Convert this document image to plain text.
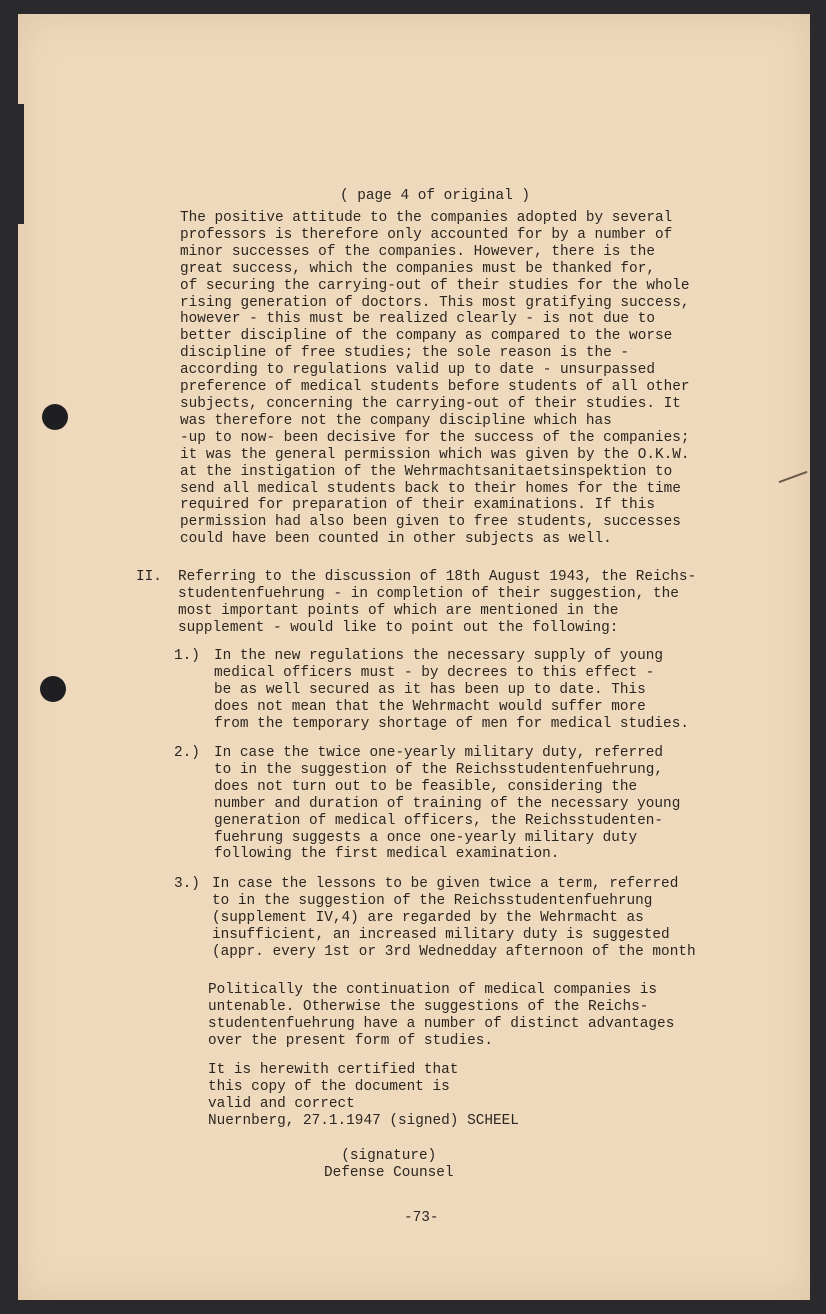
( page 4 of original )
The positive attitude to the companies adopted by several
professors is therefore only accounted for by a number of
minor successes of the companies. However, there is the
great success, which the companies must be thanked for,
of securing the carrying-out of their studies for the whole
rising generation of doctors. This most gratifying success,
however - this must be realized clearly - is not due to
better discipline of the company as compared to the worse
discipline of free studies; the sole reason is the -
according to regulations valid up to date - unsurpassed
preference of medical students before students of all other
subjects, concerning the carrying-out of their studies. It
was therefore not the company discipline which has
-up to now- been decisive for the success of the companies;
it was the general permission which was given by the O.K.W.
at the instigation of the Wehrmachtsanitaetsinspektion to
send all medical students back to their homes for the time
required for preparation of their examinations. If this
permission had also been given to free students, successes
could have been counted in other subjects as well.
II. Referring to the discussion of 18th August 1943, the Reichs-
studentenfuehrung - in completion of their suggestion, the
most important points of which are mentioned in the
supplement - would like to point out the following:
1.) In the new regulations the necessary supply of young
medical officers must - by decrees to this effect -
be as well secured as it has been up to date. This
does not mean that the Wehrmacht would suffer more
from the temporary shortage of men for medical studies.
2.) In case the twice one-yearly military duty, referred
to in the suggestion of the Reichsstudentenfuehrung,
does not turn out to be feasible, considering the
number and duration of training of the necessary young
generation of medical officers, the Reichsstudenten-
fuehrung suggests a once one-yearly military duty
following the first medical examination.
3.) In case the lessons to be given twice a term, referred
to in the suggestion of the Reichsstudentenfuehrung
(supplement IV,4) are regarded by the Wehrmacht as
insufficient, an increased military duty is suggested
(appr. every 1st or 3rd Wednedday afternoon of the month
Politically the continuation of medical companies is
untenable. Otherwise the suggestions of the Reichs-
studentenfuehrung have a number of distinct advantages
over the present form of studies.
It is herewith certified that
this copy of the document is
valid and correct
Nuernberg, 27.1.1947 (signed) SCHEEL
(signature)
Defense Counsel
-73-
